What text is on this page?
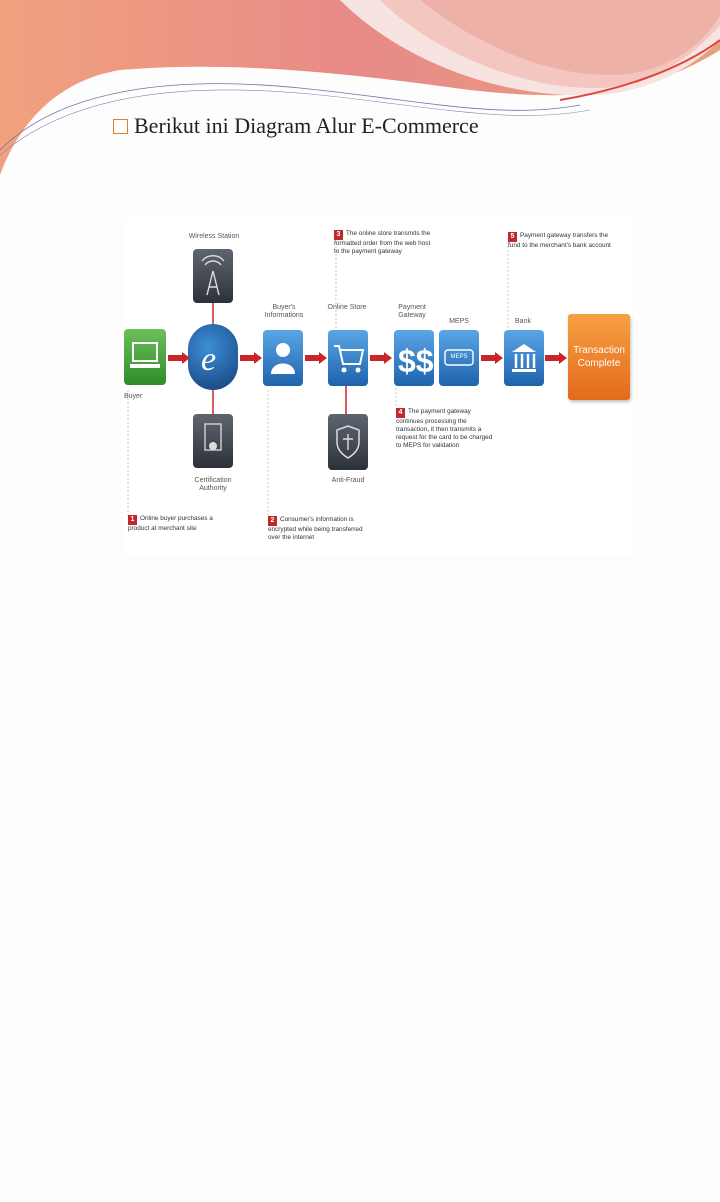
Berikut ini Diagram Alur E-Commerce
Wireless Station
Buyer
e
Certification Authority
Buyer's Informations
Online Store
Anti-Fraud
Payment Gateway
$$
MEPS
MEPS
Bank
Transaction Complete
1 Online buyer purchases a product at merchant site
2 Consumer's information is encrypted while being transferred over the internet
3 The online store transmits the formatted order from the web host to the payment gateway
4 The payment gateway continues processing the transaction, it then transmits a request for the card to be charged to MEPS for validation
5 Payment gateway transfers the fund to the merchant's bank account
